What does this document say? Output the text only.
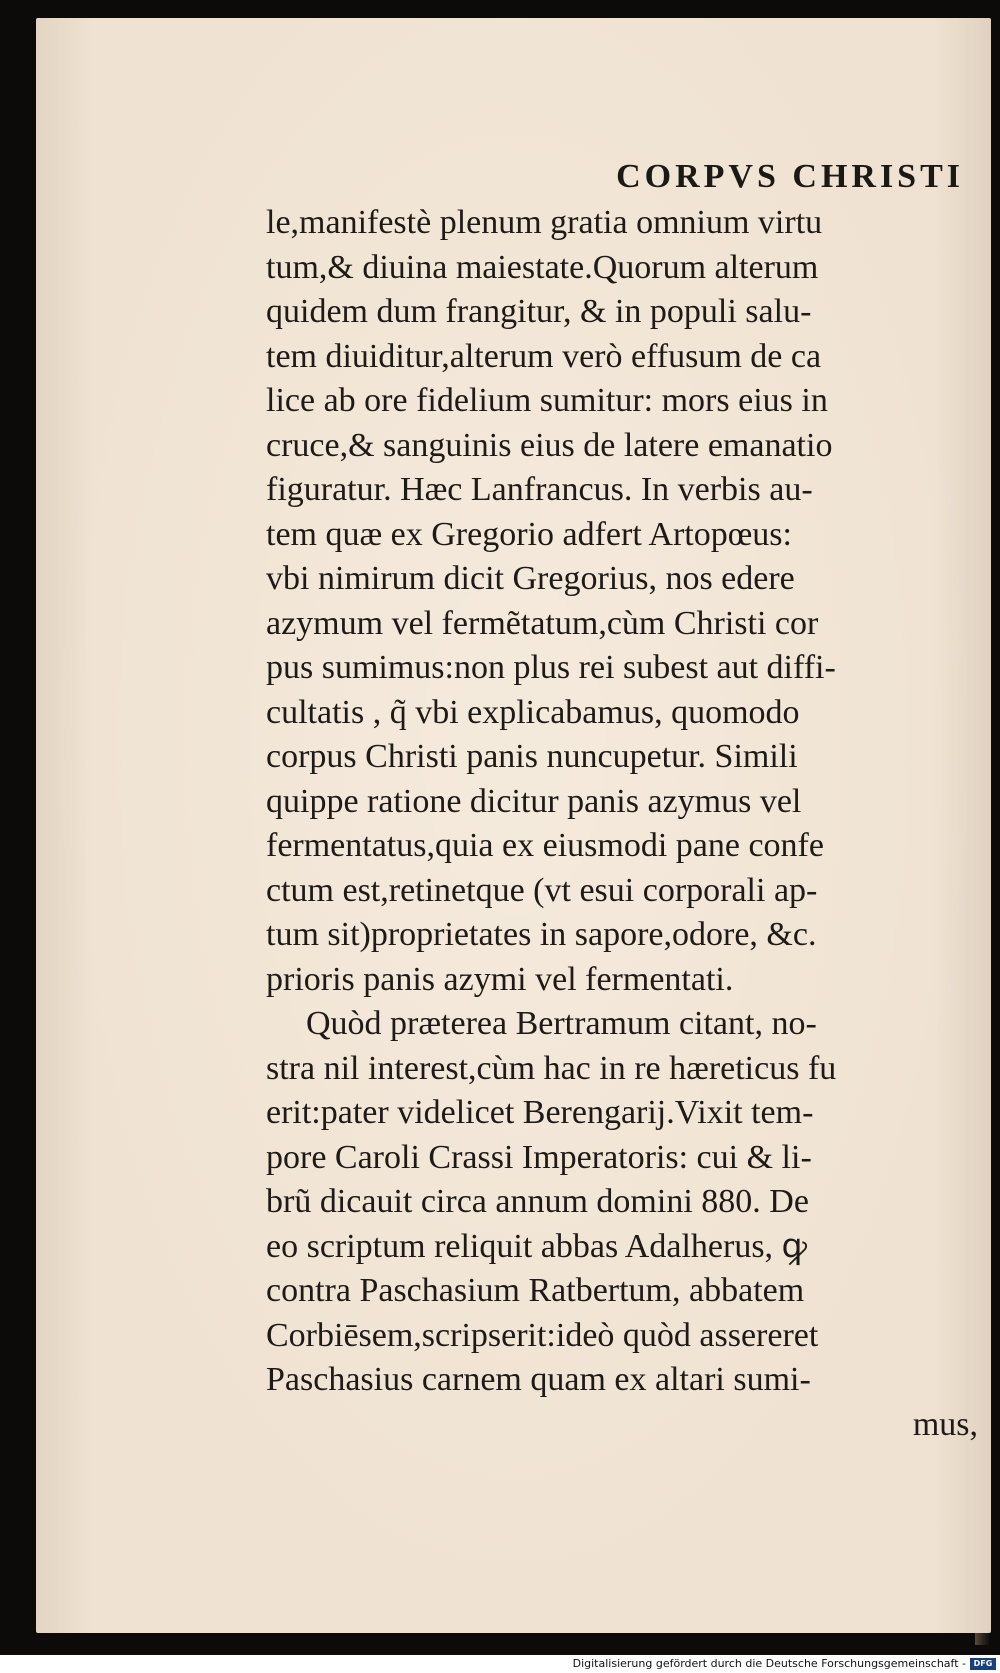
CORPVS CHRISTI
le,manifestè plenum gratia omnium virtu
tum,& diuina maiestate.Quorum alterum
quidem dum frangitur, & in populi salu-
tem diuiditur,alterum verò effusum de ca
lice ab ore fidelium sumitur: mors eius in
cruce,& sanguinis eius de latere emanatio
figuratur. Hæc Lanfrancus. In verbis au-
tem quæ ex Gregorio adfert Artopœus:
vbi nimirum dicit Gregorius, nos edere
azymum vel fermẽtatum,cùm Christi cor
pus sumimus:non plus rei subest aut diffi-
cultatis , q̃ vbi explicabamus, quomodo
corpus Christi panis nuncupetur. Simili
quippe ratione dicitur panis azymus vel
fermentatus,quia ex eiusmodi pane confe
ctum est,retinetque (vt esui corporali ap-
tum sit)proprietates in sapore,odore, &c.
prioris panis azymi vel fermentati.
Quòd præterea Bertramum citant, no-
stra nil interest,cùm hac in re hæreticus fu
erit:pater videlicet Berengarij.Vixit tem-
pore Caroli Crassi Imperatoris: cui & li-
brũ dicauit circa annum domini 880. De
eo scriptum reliquit abbas Adalherus, ꝙ
contra Paschasium Ratbertum, abbatem
Corbiēsem,scripserit:ideò quòd assereret
Paschasius carnem quam ex altari sumi-
mus,
Digitalisierung gefördert durch die Deutsche Forschungsgemeinschaft - DFG
